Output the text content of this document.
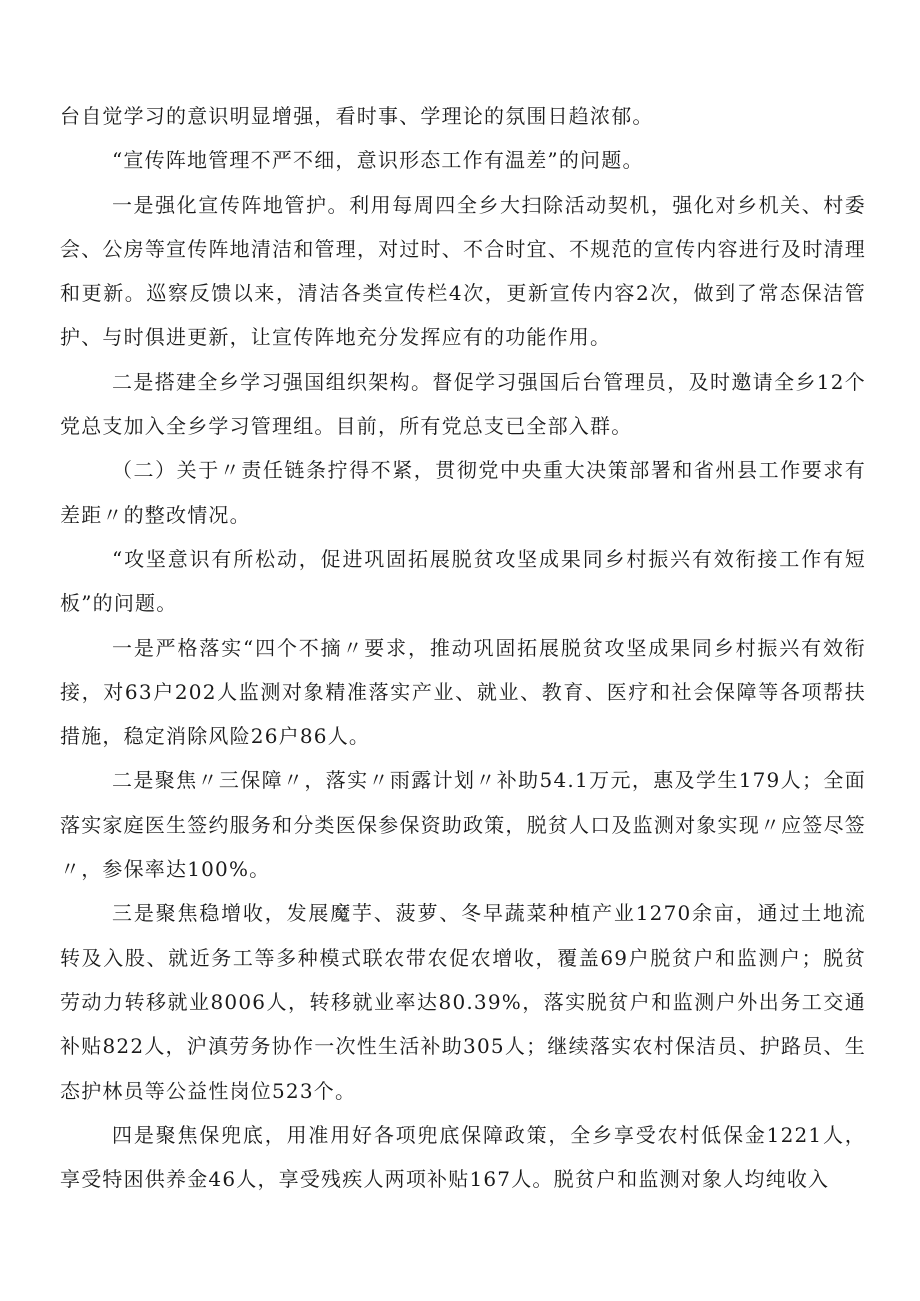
台自觉学习的意识明显增强，看时事、学理论的氛围日趋浓郁。

“宣传阵地管理不严不细，意识形态工作有温差”的问题。

一是强化宣传阵地管护。利用每周四全乡大扫除活动契机，强化对乡机关、村委会、公房等宣传阵地清洁和管理，对过时、不合时宜、不规范的宣传内容进行及时清理和更新。巡察反馈以来，清洁各类宣传栏4次，更新宣传内容2次，做到了常态保洁管护、与时俱进更新，让宣传阵地充分发挥应有的功能作用。

二是搭建全乡学习强国组织架构。督促学习强国后台管理员，及时邀请全乡12个党总支加入全乡学习管理组。目前，所有党总支已全部入群。

（二）关于〃责任链条拧得不紧，贯彻党中央重大决策部署和省州县工作要求有差距〃的整改情况。

“攻坚意识有所松动，促进巩固拓展脱贫攻坚成果同乡村振兴有效衔接工作有短板”的问题。

一是严格落实“四个不摘〃要求，推动巩固拓展脱贫攻坚成果同乡村振兴有效衔接，对63户202人监测对象精准落实产业、就业、教育、医疗和社会保障等各项帮扶措施，稳定消除风险26户86人。

二是聚焦〃三保障〃，落实〃雨露计划〃补助54.1万元，惠及学生179人；全面落实家庭医生签约服务和分类医保参保资助政策，脱贫人口及监测对象实现〃应签尽签〃，参保率达100%。

三是聚焦稳增收，发展魔芋、菠萝、冬早蔬菜种植产业1270余亩，通过土地流转及入股、就近务工等多种模式联农带农促农增收，覆盖69户脱贫户和监测户；脱贫劳动力转移就业8006人，转移就业率达80.39%，落实脱贫户和监测户外出务工交通补贴822人，沪滇劳务协作一次性生活补助305人；继续落实农村保洁员、护路员、生态护林员等公益性岗位523个。

四是聚焦保兜底，用准用好各项兜底保障政策，全乡享受农村低保金1221人，享受特困供养金46人，享受残疾人两项补贴167人。脱贫户和监测对象人均纯收入
